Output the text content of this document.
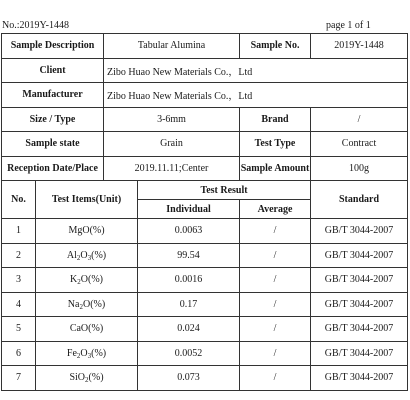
No.:2019Y-1448	page 1 of 1
Sample Description		Tabular Alumina		Sample No.	2019Y-1448
Client		Zibo Huao New Materials Co.，Ltd			
Manufacturer		Zibo Huao New Materials Co.，Ltd			
Size / Type		3-6mm		Brand	/
Sample state		Grain		Test Type	Contract
Reception Date/Place		2019.11.11;Center		Sample Amount	100g
No.	Test Items(Unit)		Test Result		Standard
			Individual	Average	
1	MgO(%)		0.0063	/	GB/T 3044-2007
2	$Al_2O_3(\%)$		99.54	/	GB/T 3044-2007
3	$K_2O(\%)$		0.0016	/	GB/T 3044-2007
4	$Na_2O(\%)$		0.17	/	GB/T 3044-2007
5	CaO(%)		0.024	/	GB/T 3044-2007
6	$Fe_2O_3(\%)$		0.0052	/	GB/T 3044-2007
7	SiO$_2$(%)		0.073	/	GB/T 3044-2007
